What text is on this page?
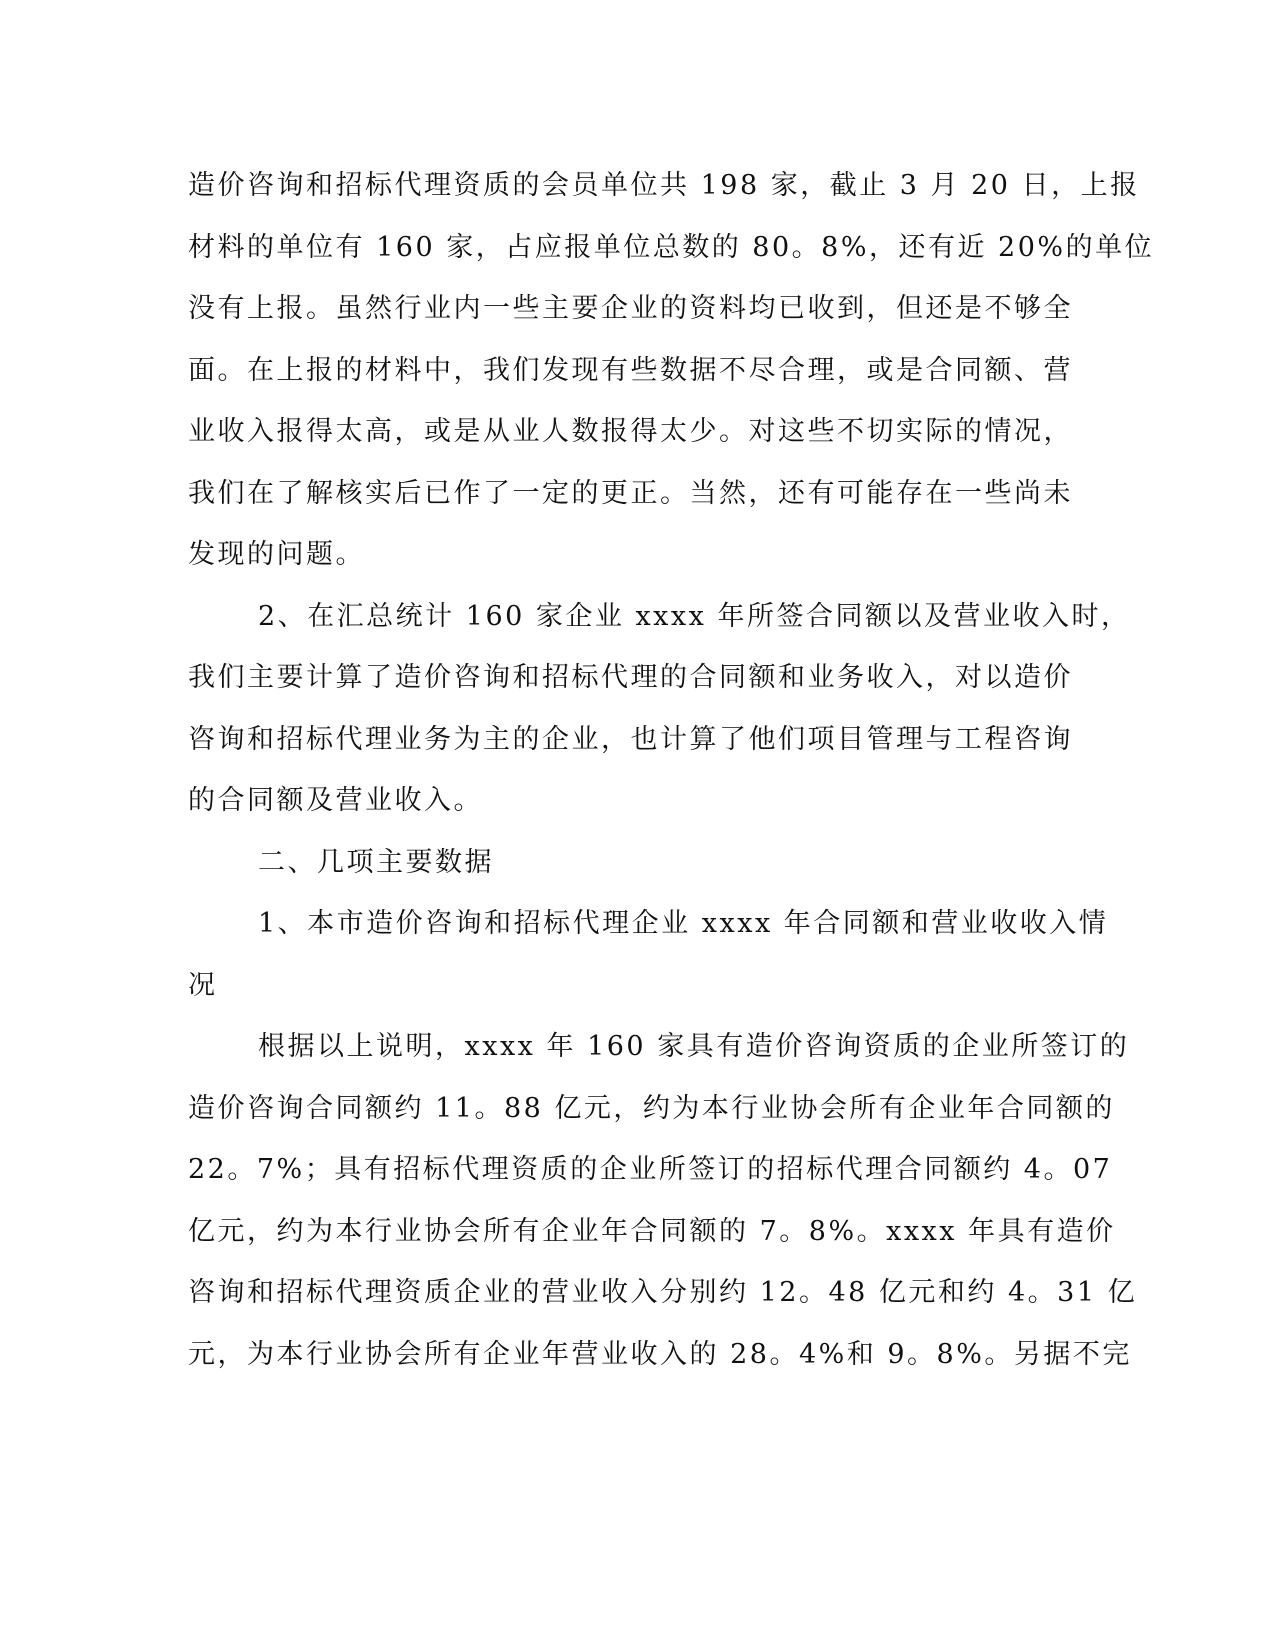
造价咨询和招标代理资质的会员单位共 198 家，截止 3 月 20 日，上报
材料的单位有 160 家，占应报单位总数的 80。8%，还有近 20%的单位
没有上报。虽然行业内一些主要企业的资料均已收到，但还是不够全
面。在上报的材料中，我们发现有些数据不尽合理，或是合同额、营
业收入报得太高，或是从业人数报得太少。对这些不切实际的情况，
我们在了解核实后已作了一定的更正。当然，还有可能存在一些尚未
发现的问题。
2、在汇总统计 160 家企业 xxxx 年所签合同额以及营业收入时，
我们主要计算了造价咨询和招标代理的合同额和业务收入，对以造价
咨询和招标代理业务为主的企业，也计算了他们项目管理与工程咨询
的合同额及营业收入。
二、几项主要数据
1、本市造价咨询和招标代理企业 xxxx 年合同额和营业收收入情
况
根据以上说明，xxxx 年 160 家具有造价咨询资质的企业所签订的
造价咨询合同额约 11。88 亿元，约为本行业协会所有企业年合同额的
22。7%；具有招标代理资质的企业所签订的招标代理合同额约 4。07
亿元，约为本行业协会所有企业年合同额的 7。8%。xxxx 年具有造价
咨询和招标代理资质企业的营业收入分别约 12。48 亿元和约 4。31 亿
元，为本行业协会所有企业年营业收入的 28。4%和 9。8%。另据不完
